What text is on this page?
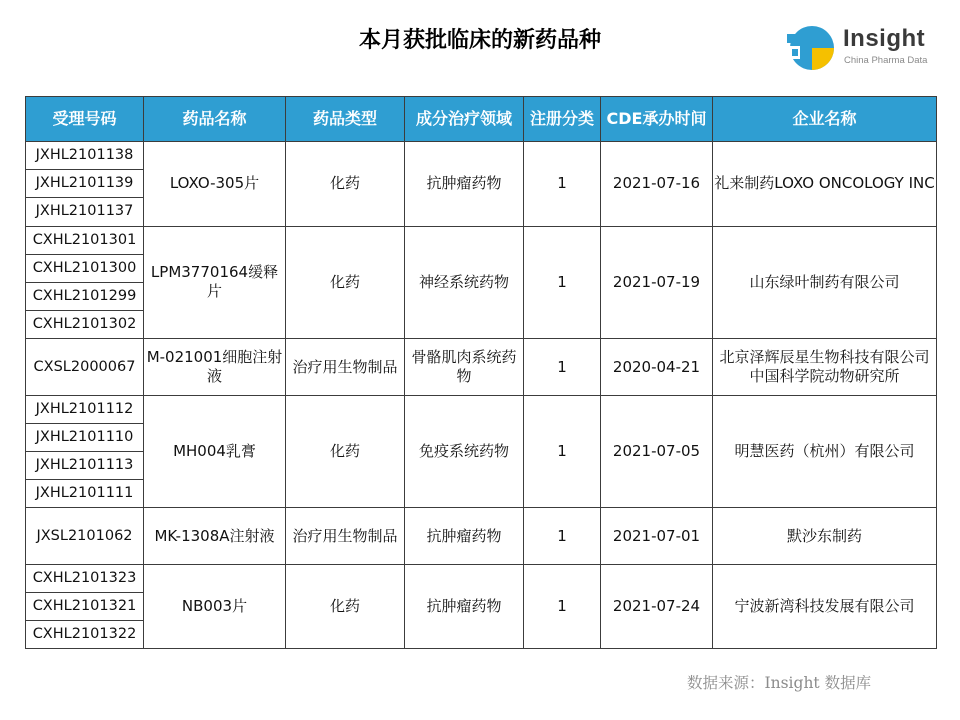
本月获批临床的新药品种	Insight
China Pharma Data
受理号码	药品名称	药品类型	成分治疗领域	注册分类	CDE承办时间	企业名称
JXHL2101138	LOXO-305片	化药	抗肿瘤药物	1	2021-07-16	礼来制药LOXO ONCOLOGY INC
JXHL2101139						
JXHL2101137						
CXHL2101301	LPM3770164缓释片	化药	神经系统药物	1	2021-07-19	山东绿叶制药有限公司
CXHL2101300						
CXHL2101299						
CXHL2101302						
CXSL2000067	M-021001细胞注射液	治疗用生物制品	骨骼肌肉系统药物	1	2020-04-21	北京泽辉辰星生物科技有限公司
中国科学院动物研究所
JXHL2101112	MH004乳膏	化药	免疫系统药物	1	2021-07-05	明慧医药（杭州）有限公司
JXHL2101110						
JXHL2101113						
JXHL2101111						
JXSL2101062	MK-1308A注射液	治疗用生物制品	抗肿瘤药物	1	2021-07-01	默沙东制药
CXHL2101323	NB003片	化药	抗肿瘤药物	1	2021-07-24	宁波新湾科技发展有限公司
CXHL2101321						
CXHL2101322						
数据来源：Insight 数据库
